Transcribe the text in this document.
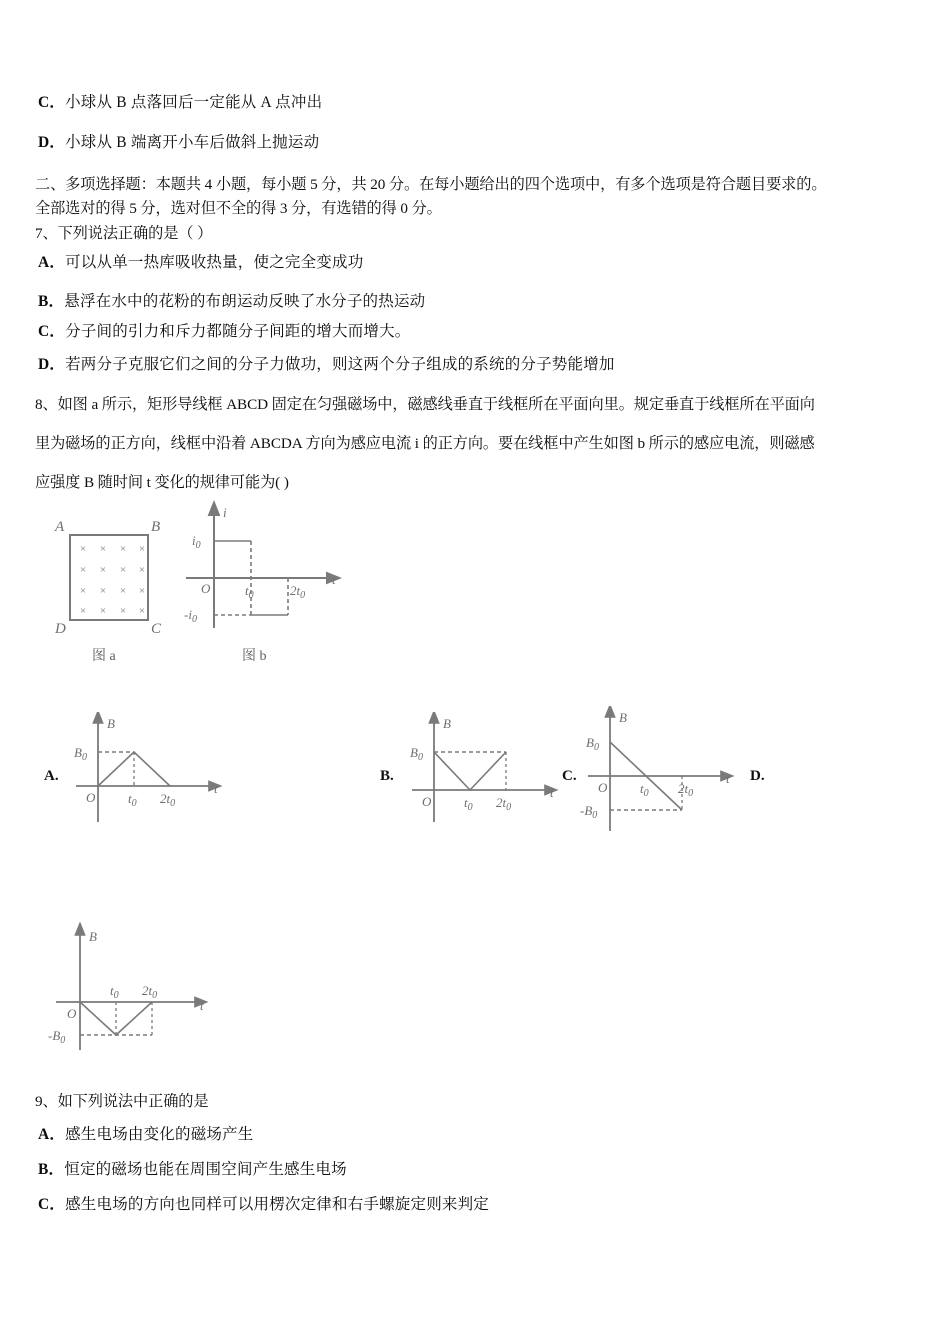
C．小球从 B 点落回后一定能从 A 点冲出
D．小球从 B 端离开小车后做斜上抛运动
二、多项选择题：本题共 4 小题，每小题 5 分，共 20 分。在每小题给出的四个选项中，有多个选项是符合题目要求的。
全部选对的得 5 分，选对但不全的得 3 分，有选错的得 0 分。
7、下列说法正确的是（ ）
A．可以从单一热库吸收热量，使之完全变成功
B．悬浮在水中的花粉的布朗运动反映了水分子的热运动
C．分子间的引力和斥力都随分子间距的增大而增大。
D．若两分子克服它们之间的分子力做功，则这两个分子组成的系统的分子势能增加
8、如图 a 所示，矩形导线框 ABCD 固定在匀强磁场中，磁感线垂直于线框所在平面向里。规定垂直于线框所在平面向
里为磁场的正方向，线框中沿着 ABCDA 方向为感应电流 i 的正方向。要在线框中产生如图 b 所示的感应电流，则磁感
应强度 B 随时间 t 变化的规律可能为( )
× × × ×
× × × ×
× × × ×
× × × ×
A	B
D	C
图 a
i
t
$i_0$
$-i_0$
O	$t_0$	$2t_0$
图 b
A.
B
t
$B_0$
O	$t_0$ $2t_0$
B.
B
t
$B_0$
O	$t_0$ $2t_0$
C.
B
t
$B_0$
$-B_0$
O	$t_0$ $2t_0$
D.
B
t
$-B_0$
O
$t_0$ $2t_0$
9、如下列说法中正确的是
A．感生电场由变化的磁场产生
B．恒定的磁场也能在周围空间产生感生电场
C．感生电场的方向也同样可以用楞次定律和右手螺旋定则来判定
